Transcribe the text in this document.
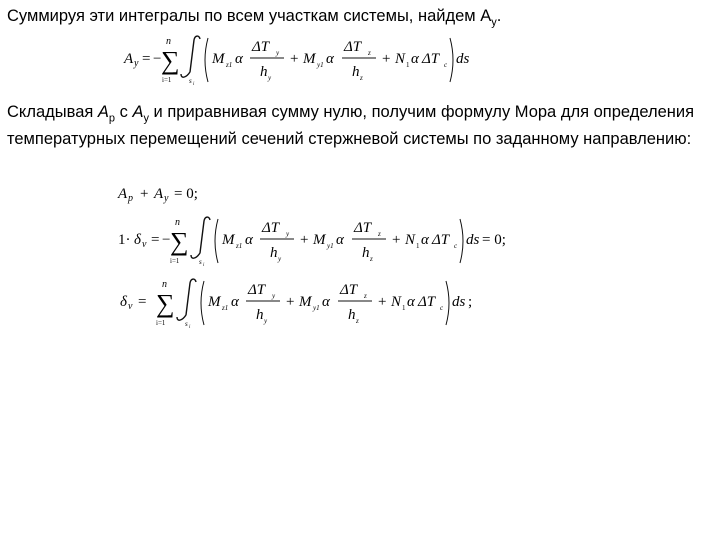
Суммируя эти интегралы по всем участкам системы, найдем $A_y$.
A y = −
n
∑
i=1	s i
M z1 α
ΔT y
h y
+ M y1 α
ΔT z
h z
+ N 1 α ΔT c ds
Складывая $A_p$ с $A_y$ и приравнивая сумму нулю, получим формулу Мора для определения температурных перемещений сечений стержневой системы по заданному направлению:
A p + A y = 0;
1· δ v = −
n
∑
i=1	s i
M z1 α
ΔT y
h y
+ M y1 α
ΔT z
h z
+ N 1 α ΔT c ds = 0;
δ v =
n
∑
i=1	s i
M z1 α
ΔT y
h y
+ M y1 α
ΔT z
h z
+ N 1 α ΔT c ds ;
